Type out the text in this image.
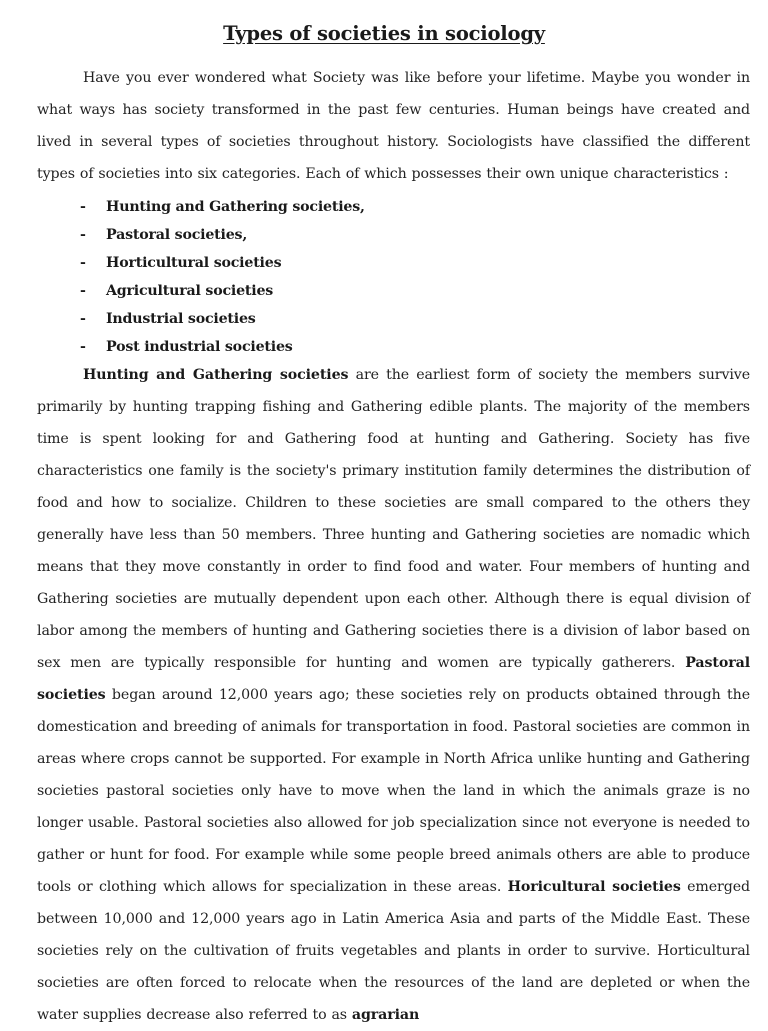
Types of societies in sociology

Have you ever wondered what Society was like before your lifetime. Maybe you wonder in what ways has society transformed in the past few centuries. Human beings have created and lived in several types of societies throughout history. Sociologists have classified the different types of societies into six categories. Each of which possesses their own unique characteristics :

- Hunting and Gathering societies,
- Pastoral societies,
- Horticultural societies
- Agricultural societies
- Industrial societies
- Post industrial societies

Hunting and Gathering societies are the earliest form of society the members survive primarily by hunting trapping fishing and Gathering edible plants. The majority of the members time is spent looking for and Gathering food at hunting and Gathering. Society has five characteristics one family is the society's primary institution family determines the distribution of food and how to socialize. Children to these societies are small compared to the others they generally have less than 50 members. Three hunting and Gathering societies are nomadic which means that they move constantly in order to find food and water. Four members of hunting and Gathering societies are mutually dependent upon each other. Although there is equal division of labor among the members of hunting and Gathering societies there is a division of labor based on sex men are typically responsible for hunting and women are typically gatherers. Pastoral societies began around 12,000 years ago; these societies rely on products obtained through the domestication and breeding of animals for transportation in food. Pastoral societies are common in areas where crops cannot be supported. For example in North Africa unlike hunting and Gathering societies pastoral societies only have to move when the land in which the animals graze is no longer usable. Pastoral societies also allowed for job specialization since not everyone is needed to gather or hunt for food. For example while some people breed animals others are able to produce tools or clothing which allows for specialization in these areas. Horicultural societies emerged between 10,000 and 12,000 years ago in Latin America Asia and parts of the Middle East. These societies rely on the cultivation of fruits vegetables and plants in order to survive. Horticultural societies are often forced to relocate when the resources of the land are depleted or when the water supplies decrease also referred to as agrarian
